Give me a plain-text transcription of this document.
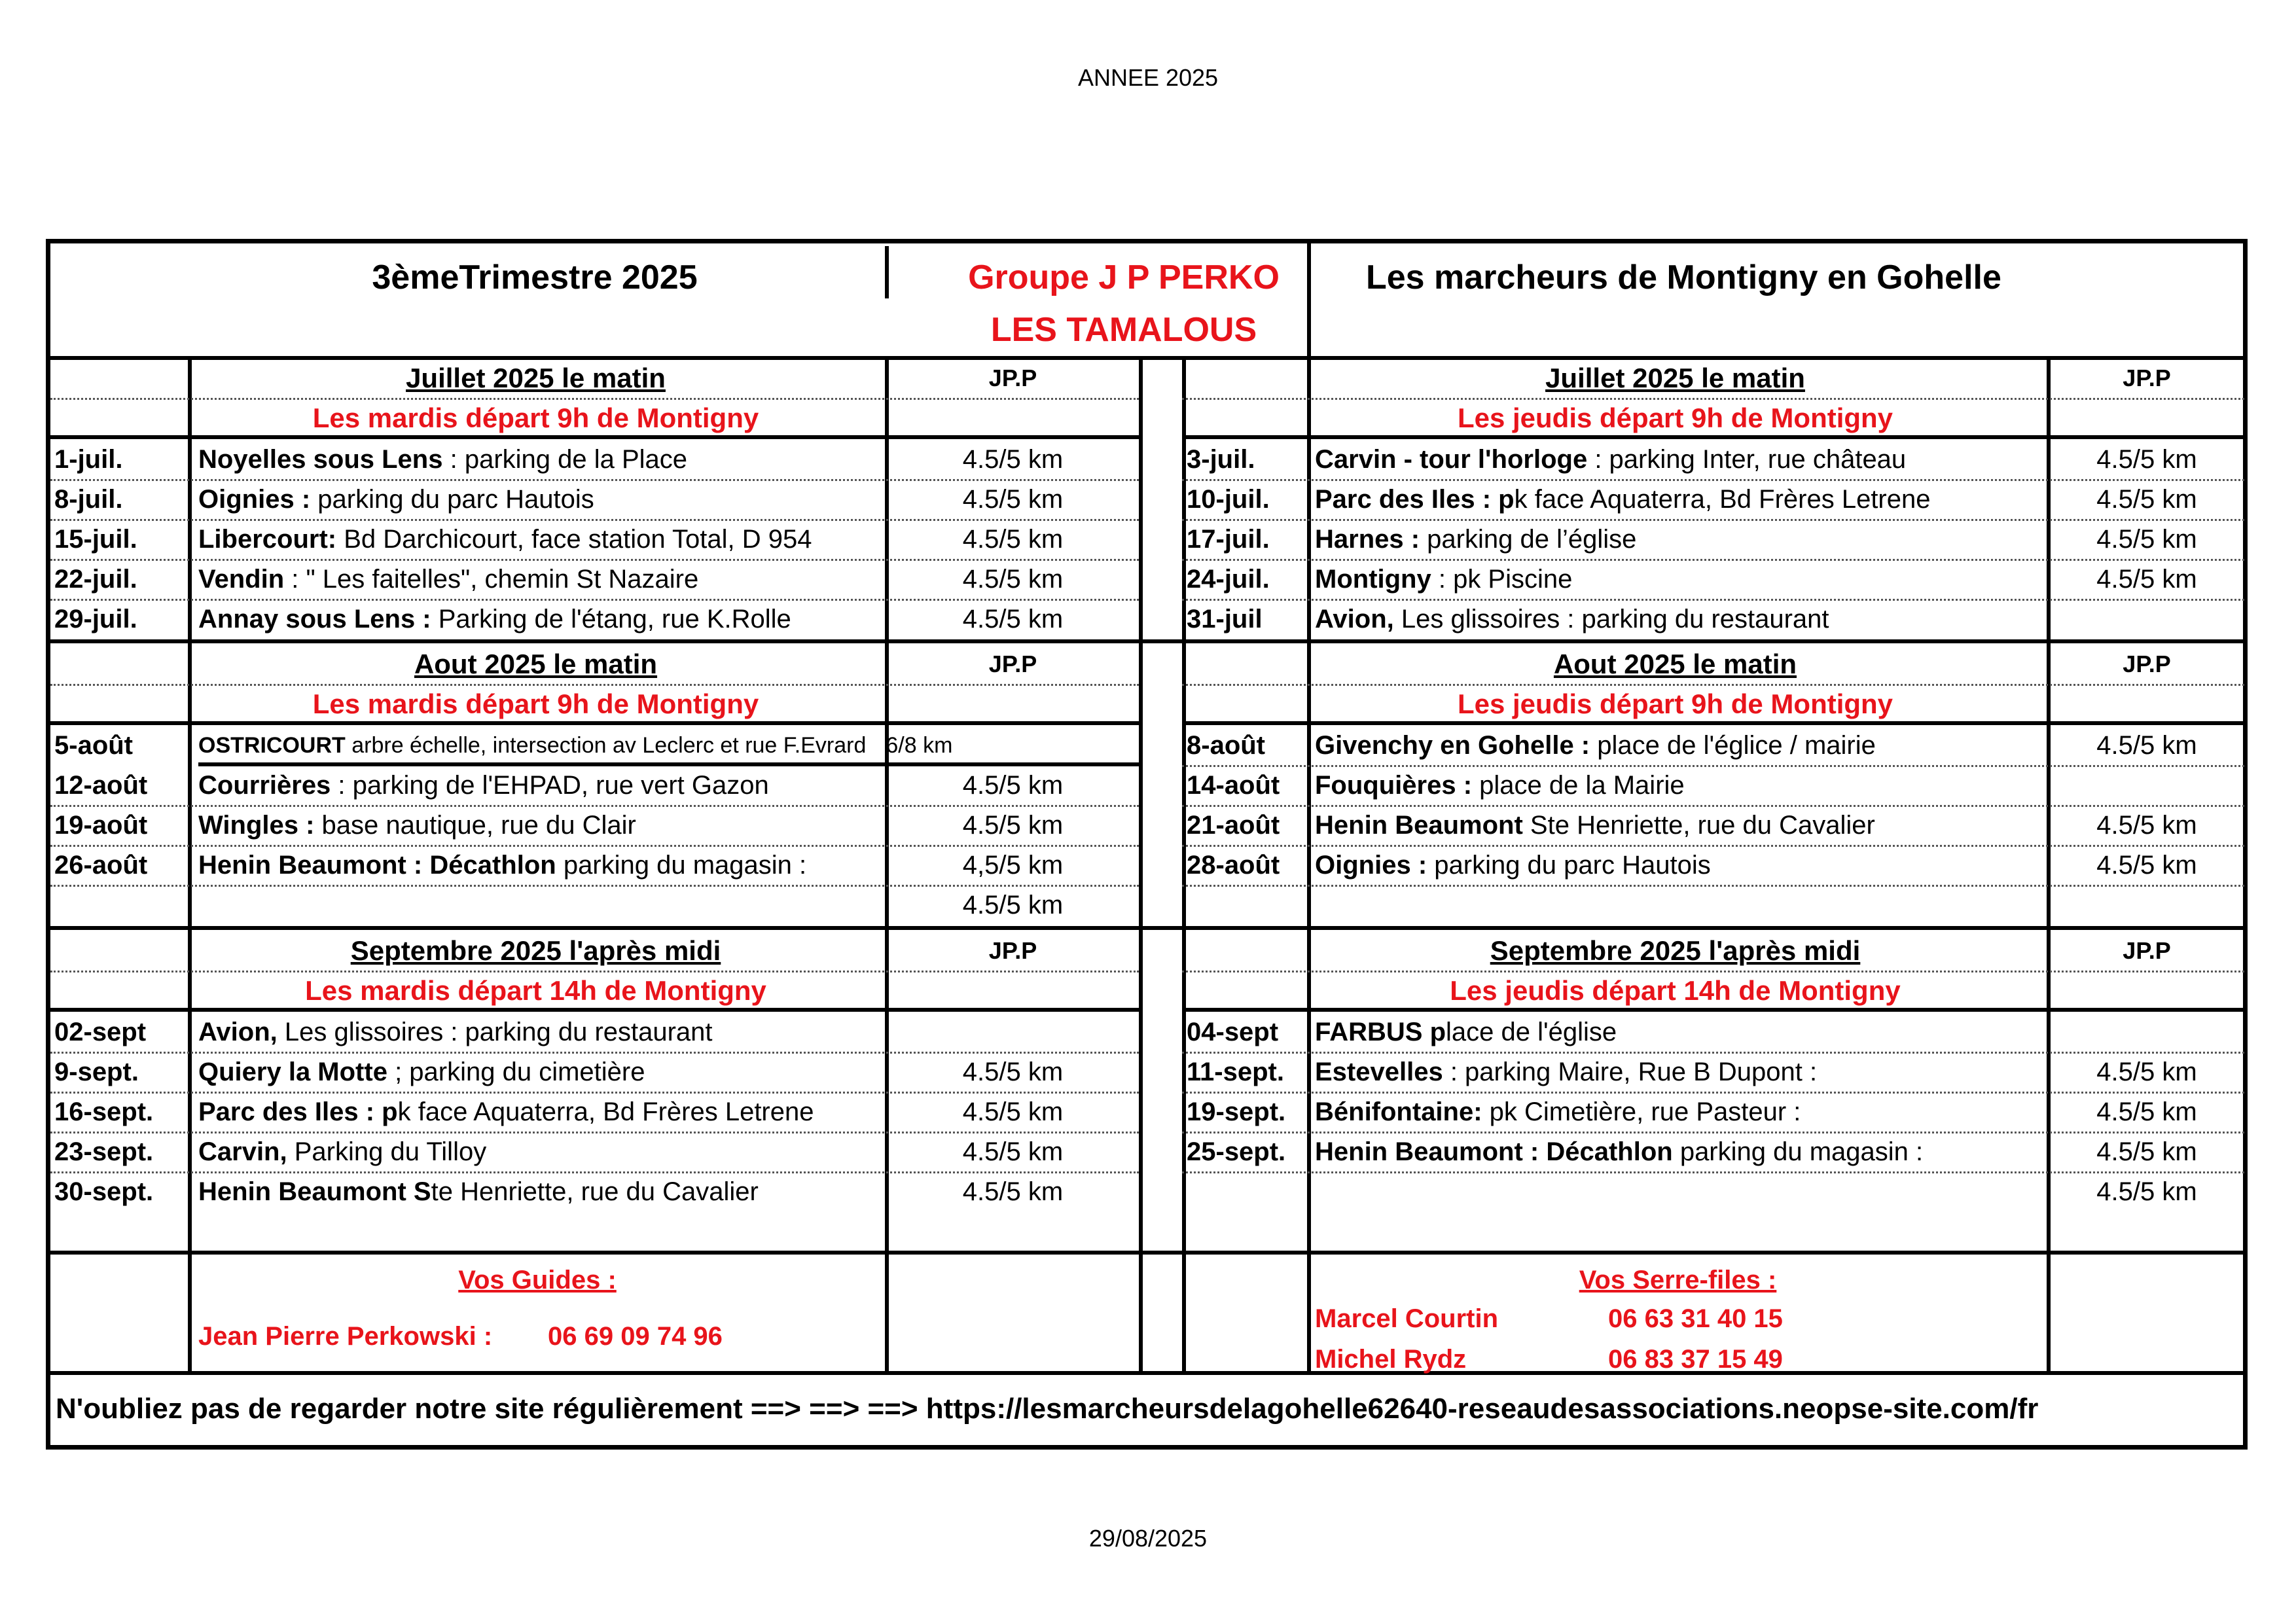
ANNEE 2025
3èmeTrimestre 2025	Groupe J P PERKO
LES TAMALOUS
Les marcheurs de Montigny en Gohelle
Juillet 2025 le matin	JP.P
Les mardis départ 9h de Montigny
1-juil.	Noyelles sous Lens : parking de la Place	4.5/5 km
8-juil.	Oignies : parking du parc Hautois	4.5/5 km
15-juil. Libercourt: Bd Darchicourt, face station Total, D 954	4.5/5 km
22-juil. Vendin : " Les faitelles", chemin St Nazaire	4.5/5 km
29-juil. Annay sous Lens : Parking de l'étang, rue K.Rolle	4.5/5 km
Aout 2025 le matin	JP.P
Les mardis départ 9h de Montigny
5-août	OSTRICOURT arbre échelle, intersection av Leclerc et rue F.Evrard 6/8 km
12-août Courrières : parking de l'EHPAD, rue vert Gazon	4.5/5 km
19-août Wingles : base nautique, rue du Clair	4.5/5 km
26-août Henin Beaumont : Décathlon parking du magasin :	4,5/5 km
4.5/5 km
Septembre 2025 l'après midi	JP.P
Les mardis départ 14h de Montigny
02-sept Avion, Les glissoires : parking du restaurant
9-sept. Quiery la Motte ; parking du cimetière	4.5/5 km
16-sept. Parc des Iles : pk face Aquaterra, Bd Frères Letrene	4.5/5 km
23-sept. Carvin, Parking du Tilloy	4.5/5 km
30-sept. Henin Beaumont Ste Henriette, rue du Cavalier	4.5/5 km
Juillet 2025 le matin	JP.P
Les jeudis départ 9h de Montigny
3-juil. Carvin - tour l'horloge : parking Inter, rue château	4.5/5 km
10-juil. Parc des Iles : pk face Aquaterra, Bd Frères Letrene	4.5/5 km
17-juil. Harnes : parking de l’église	4.5/5 km
24-juil. Montigny : pk Piscine	4.5/5 km
31-juil Avion, Les glissoires : parking du restaurant
Aout 2025 le matin	JP.P
Les jeudis départ 9h de Montigny
8-août Givenchy en Gohelle : place de l'églice / mairie	4.5/5 km
14-août Fouquières : place de la Mairie
21-août Henin Beaumont Ste Henriette, rue du Cavalier	4.5/5 km
28-août Oignies : parking du parc Hautois	4.5/5 km
Septembre 2025 l'après midi	JP.P
Les jeudis départ 14h de Montigny
04-sept FARBUS place de l'église
11-sept. Estevelles : parking Maire, Rue B Dupont :	4.5/5 km
19-sept. Bénifontaine: pk Cimetière, rue Pasteur :	4.5/5 km
25-sept. Henin Beaumont : Décathlon parking du magasin :	4.5/5 km
4.5/5 km
Vos Guides :
Jean Pierre Perkowski : 06 69 09 74 96
Vos Serre-files :
Marcel Courtin	06 63 31 40 15
Michel Rydz	06 83 37 15 49
N'oubliez pas de regarder notre site régulièrement ==> ==> ==> https://lesmarcheursdelagohelle62640-reseaudesassociations.neopse-site.com/fr
29/08/2025
